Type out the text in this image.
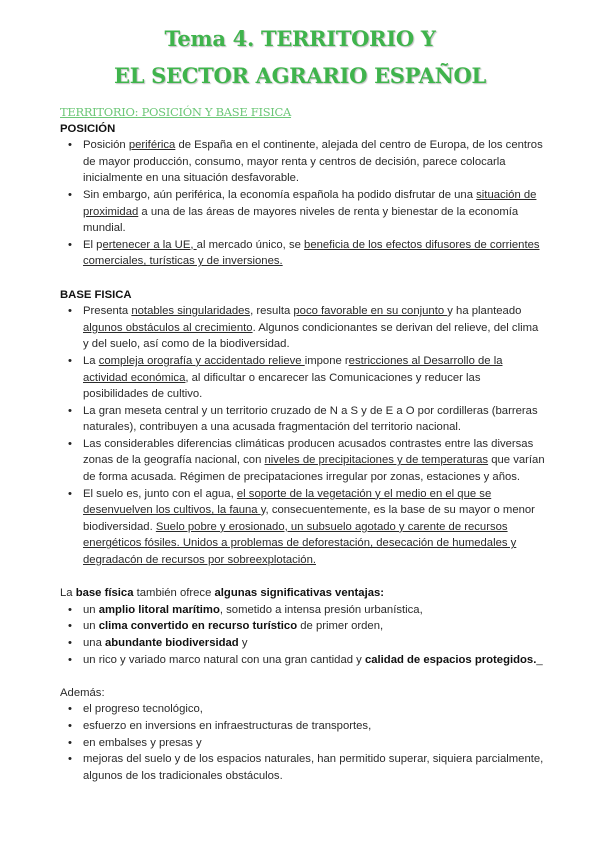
Tema 4. TERRITORIO Y
EL SECTOR AGRARIO ESPAÑOL
TERRITORIO: POSICIÓN Y BASE FISICA
POSICIÓN
• Posición periférica de España en el continente, alejada del centro de Europa, de los centros de mayor producción, consumo, mayor renta y centros de decisión, parece colocarla inicialmente en una situación desfavorable.
• Sin embargo, aún periférica, la economía española ha podido disfrutar de una situación de proximidad a una de las áreas de mayores niveles de renta y bienestar de la economía mundial.
• El pertenecer a la UE, al mercado único, se beneficia de los efectos difusores de corrientes comerciales, turísticas y de inversiones.
BASE FISICA
• Presenta notables singularidades, resulta poco favorable en su conjunto y ha planteado algunos obstáculos al crecimiento. Algunos condicionantes se derivan del relieve, del clima y del suelo, así como de la biodiversidad.
• La compleja orografía y accidentado relieve impone restricciones al Desarrollo de la actividad económica, al dificultar o encarecer las Comunicaciones y reducer las posibilidades de cultivo.
• La gran meseta central y un territorio cruzado de N a S y de E a O por cordilleras (barreras naturales), contribuyen a una acusada fragmentación del territorio nacional.
• Las considerables diferencias climáticas producen acusados contrastes entre las diversas zonas de la geografía nacional, con niveles de precipitaciones y de temperaturas que varían de forma acusada. Régimen de precipataciones irregular por zonas, estaciones y años.
• El suelo es, junto con el agua, el soporte de la vegetación y el medio en el que se desenvuelven los cultivos, la fauna y, consecuentemente, es la base de su mayor o menor biodiversidad. Suelo pobre y erosionado, un subsuelo agotado y carente de recursos energéticos fósiles. Unidos a problemas de deforestación, desecación de humedales y degradacón de recursos por sobreexplotación.
La base física también ofrece algunas significativas ventajas:
• un amplio litoral marítimo, sometido a intensa presión urbanística,
• un clima convertido en recurso turístico de primer orden,
• una abundante biodiversidad y
• un rico y variado marco natural con una gran cantidad y calidad de espacios protegidos._
Además:
• el progreso tecnológico,
• esfuerzo en inversions en infraestructuras de transportes,
• en embalses y presas y
• mejoras del suelo y de los espacios naturales, han permitido superar, siquiera parcialmente, algunos de los tradicionales obstáculos.
